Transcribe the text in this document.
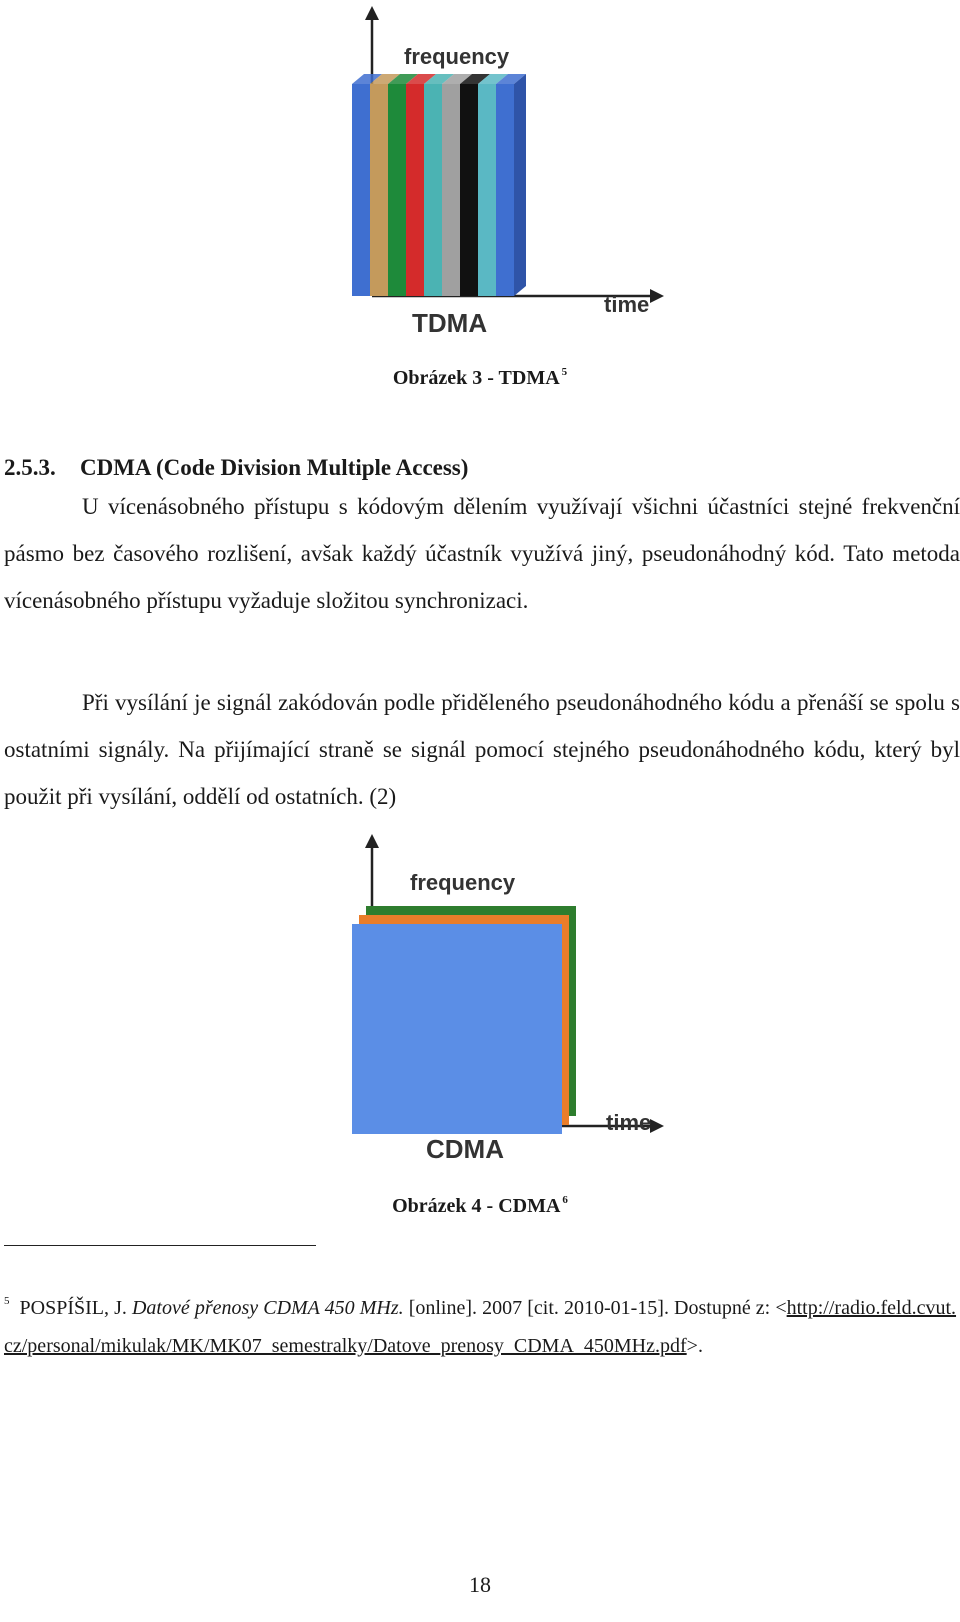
frequency
time
TDMA
Obrázek 3 - TDMA $^5$
2.5.3. CDMA (Code Division Multiple Access)
U vícenásobného přístupu s kódovým dělením využívají všichni účastníci stejné frekvenční pásmo bez časového rozlišení, avšak každý účastník využívá jiný, pseudonáhodný kód. Tato metoda vícenásobného přístupu vyžaduje složitou synchronizaci.
Při vysílání je signál zakódován podle přiděleného pseudonáhodného kódu a přenáší se spolu s ostatními signály. Na přijímající straně se signál pomocí stejného pseudonáhodného kódu, který byl použit při vysílání, oddělí od ostatních. (2)
frequency
time
CDMA
Obrázek 4 - CDMA $^6$
$^5$ POSPÍŠIL, J. Datové přenosy CDMA 450 MHz. [online]. 2007 [cit. 2010-01-15]. Dostupné z: <http://radio.feld.cvut.cz/personal/mikulak/MK/MK07_semestralky/Datove_prenosy_CDMA_450MHz.pdf>.
18
